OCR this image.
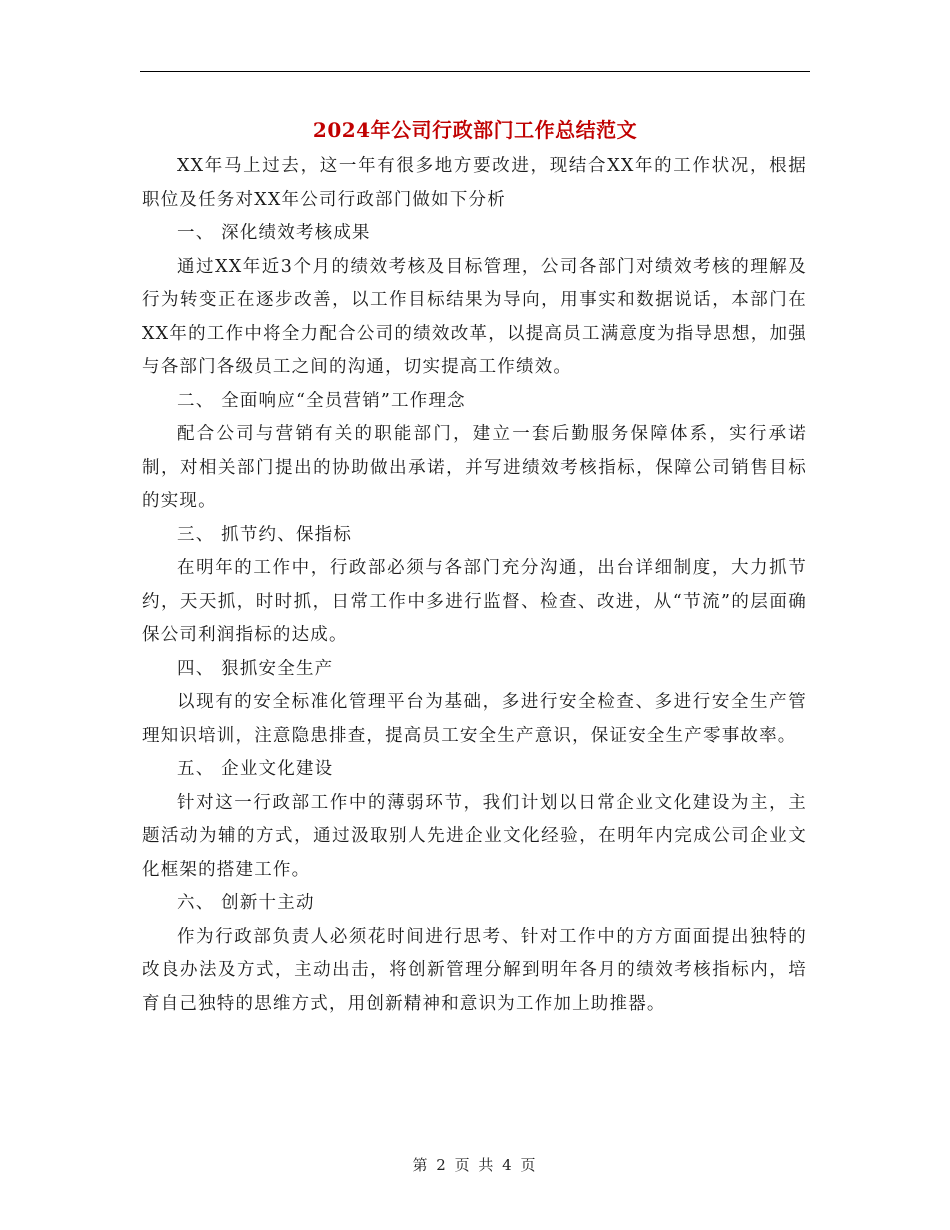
2024年公司行政部门工作总结范文

XX年马上过去，这一年有很多地方要改进，现结合XX年的工作状况，根据职位及任务对XX年公司行政部门做如下分析

一、 深化绩效考核成果

通过XX年近3个月的绩效考核及目标管理，公司各部门对绩效考核的理解及行为转变正在逐步改善，以工作目标结果为导向，用事实和数据说话，本部门在XX年的工作中将全力配合公司的绩效改革，以提高员工满意度为指导思想，加强与各部门各级员工之间的沟通，切实提高工作绩效。

二、 全面响应“全员营销”工作理念

配合公司与营销有关的职能部门，建立一套后勤服务保障体系，实行承诺制，对相关部门提出的协助做出承诺，并写进绩效考核指标，保障公司销售目标的实现。

三、 抓节约、保指标

在明年的工作中，行政部必须与各部门充分沟通，出台详细制度，大力抓节约，天天抓，时时抓，日常工作中多进行监督、检查、改进，从“节流”的层面确保公司利润指标的达成。

四、 狠抓安全生产

以现有的安全标准化管理平台为基础，多进行安全检查、多进行安全生产管理知识培训，注意隐患排查，提高员工安全生产意识，保证安全生产零事故率。

五、 企业文化建设

针对这一行政部工作中的薄弱环节，我们计划以日常企业文化建设为主，主题活动为辅的方式，通过汲取别人先进企业文化经验，在明年内完成公司企业文化框架的搭建工作。

六、 创新十主动

作为行政部负责人必须花时间进行思考、针对工作中的方方面面提出独特的改良办法及方式，主动出击，将创新管理分解到明年各月的绩效考核指标内，培育自己独特的思维方式，用创新精神和意识为工作加上助推器。

第 2 页 共 4 页
